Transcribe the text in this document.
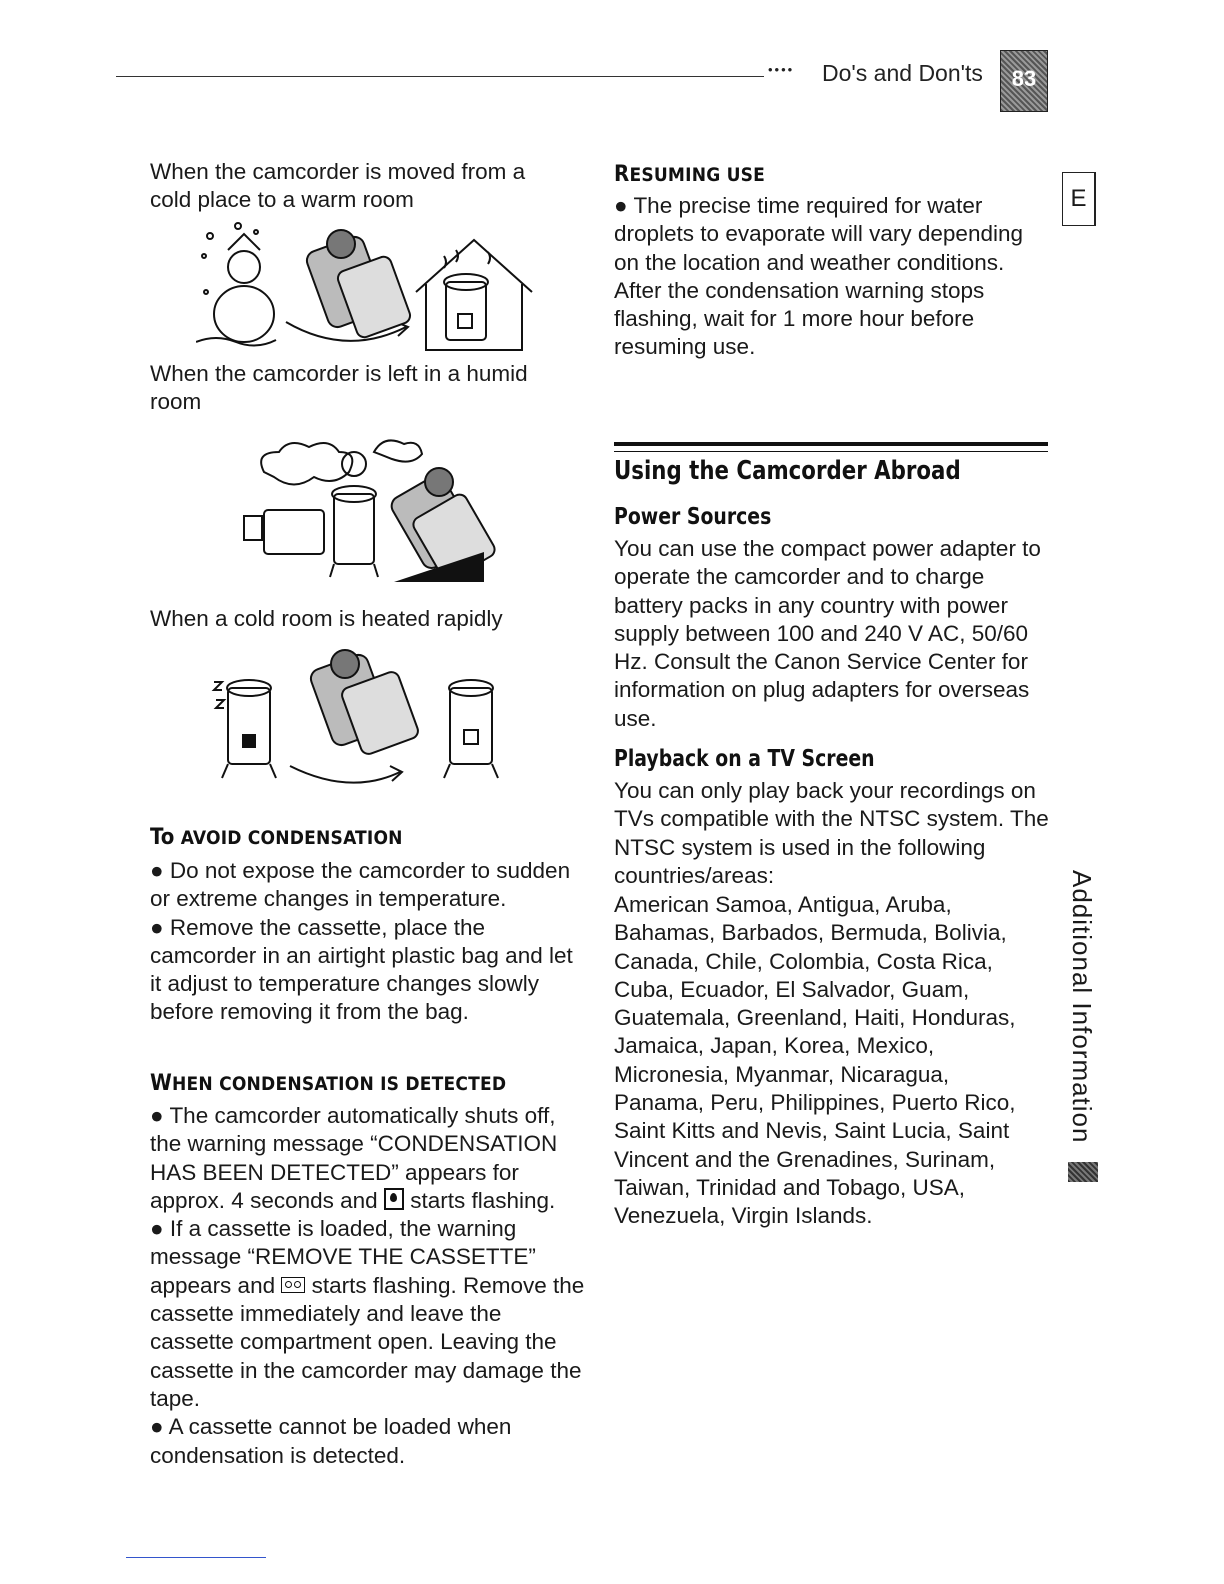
•••• Do's and Don'ts	83
E
Additional Information
When the camcorder is moved from a cold place to a warm room
When the camcorder is left in a humid room
When a cold room is heated rapidly
To AVOID CONDENSATION

● Do not expose the camcorder to sudden or extreme changes in temperature.

● Remove the cassette, place the camcorder in an airtight plastic bag and let it adjust to temperature changes slowly before removing it from the bag.

WHEN CONDENSATION IS DETECTED

● The camcorder automatically shuts off, the warning message “CONDENSATION HAS BEEN DETECTED” appears for approx. 4 seconds and starts flashing.

● If a cassette is loaded, the warning message “REMOVE THE CASSETTE” appears and starts flashing. Remove the cassette immediately and leave the cassette compartment open. Leaving the cassette in the camcorder may damage the tape.

● A cassette cannot be loaded when condensation is detected.

RESUMING USE

● The precise time required for water droplets to evaporate will vary depending on the location and weather conditions. After the condensation warning stops flashing, wait for 1 more hour before resuming use.

Using the Camcorder Abroad
Power Sources
You can use the compact power adapter to operate the camcorder and to charge battery packs in any country with power supply between 100 and 240 V AC, 50/60 Hz. Consult the Canon Service Center for information on plug adapters for overseas use.
Playback on a TV Screen
You can only play back your recordings on TVs compatible with the NTSC system. The NTSC system is used in the following countries/areas:
American Samoa, Antigua, Aruba, Bahamas, Barbados, Bermuda, Bolivia, Canada, Chile, Colombia, Costa Rica, Cuba, Ecuador, El Salvador, Guam, Guatemala, Greenland, Haiti, Honduras, Jamaica, Japan, Korea, Mexico, Micronesia, Myanmar, Nicaragua, Panama, Peru, Philippines, Puerto Rico, Saint Kitts and Nevis, Saint Lucia, Saint Vincent and the Grenadines, Surinam, Taiwan, Trinidad and Tobago, USA, Venezuela, Virgin Islands.
